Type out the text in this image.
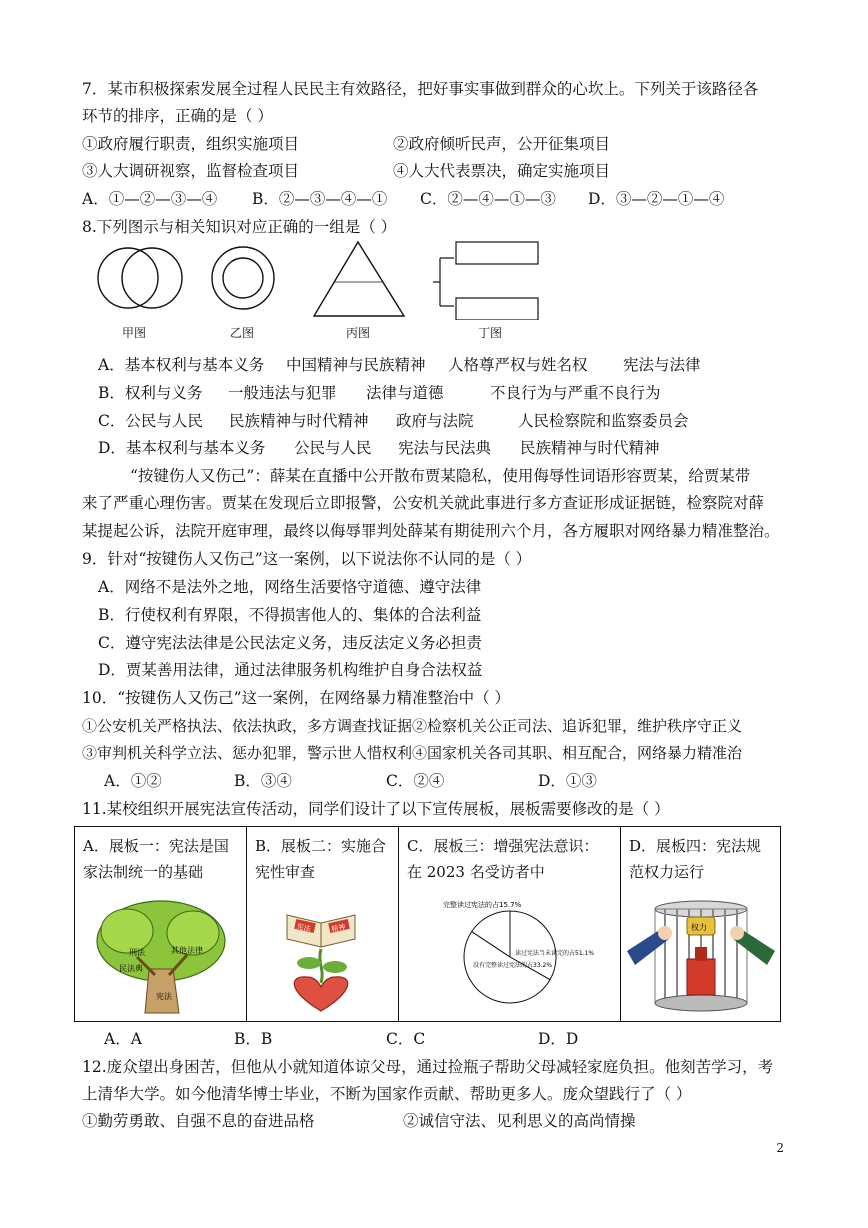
7．某市积极探索发展全过程人民民主有效路径，把好事实事做到群众的心坎上。下列关于该路径各
环节的排序，正确的是（ ）
①政府履行职责，组织实施项目	②政府倾听民声，公开征集项目
③人大调研视察，监督检查项目	④人大代表票决，确定实施项目
A．①—②—③—④ B．②—③—④—① C．②—④—①—③ D．③—②—①—④
8.下列图示与相关知识对应正确的一组是（ ）
甲图	乙图	丙图	丁图
A．基本权利与基本义务 中国精神与民族精神 人格尊严权与姓名权 宪法与法律
B．权利与义务 一般违法与犯罪 法律与道德	不良行为与严重不良行为
C．公民与人民 民族精神与时代精神 政府与法院	人民检察院和监察委员会
D．基本权利与基本义务 公民与人民 宪法与民法典 民族精神与时代精神
“按键伤人又伤己”：薛某在直播中公开散布贾某隐私，使用侮辱性词语形容贾某，给贾某带
来了严重心理伤害。贾某在发现后立即报警，公安机关就此事进行多方查证形成证据链，检察院对薛
某提起公诉，法院开庭审理，最终以侮辱罪判处薛某有期徒刑六个月，各方履职对网络暴力精准整治。
9．针对“按键伤人又伤己”这一案例，以下说法你不认同的是（ ）
A．网络不是法外之地，网络生活要恪守道德、遵守法律
B．行使权利有界限，不得损害他人的、集体的合法利益
C．遵守宪法法律是公民法定义务，违反法定义务必担责
D．贾某善用法律，通过法律服务机构维护自身合法权益
10．“按键伤人又伤己”这一案例，在网络暴力精准整治中（ ）
①公安机关严格执法、依法执政，多方调查找证据②检察机关公正司法、追诉犯罪，维护秩序守正义
③审判机关科学立法、惩办犯罪，警示世人惜权利④国家机关各司其职、相互配合，网络暴力精准治
A．①②	B．③④	C．②④	D．①③
11.某校组织开展宪法宣传活动，同学们设计了以下宣传展板，展板需要修改的是（ ）
A．展板一：宪法是国家法制统一的基础
刑法	其他法律
民法典
宪法

B．展板二：实施合宪性审查
宪法	精神

C．展板三：增强宪法意识：在 2023 名受访者中
完整读过宪法的占15.7%
没有完整读过宪法的占33.2%
读过宪法当未读完的占51.1%

D．展板四：宪法规范权力运行
权力
A．A	B．B	C．C	D．D
12.庞众望出身困苦，但他从小就知道体谅父母，通过捡瓶子帮助父母减轻家庭负担。他刻苦学习，考
上清华大学。如今他清华博士毕业，不断为国家作贡献、帮助更多人。庞众望践行了（ ）
①勤劳勇敢、自强不息的奋进品格	②诚信守法、见利思义的高尚情操
2
